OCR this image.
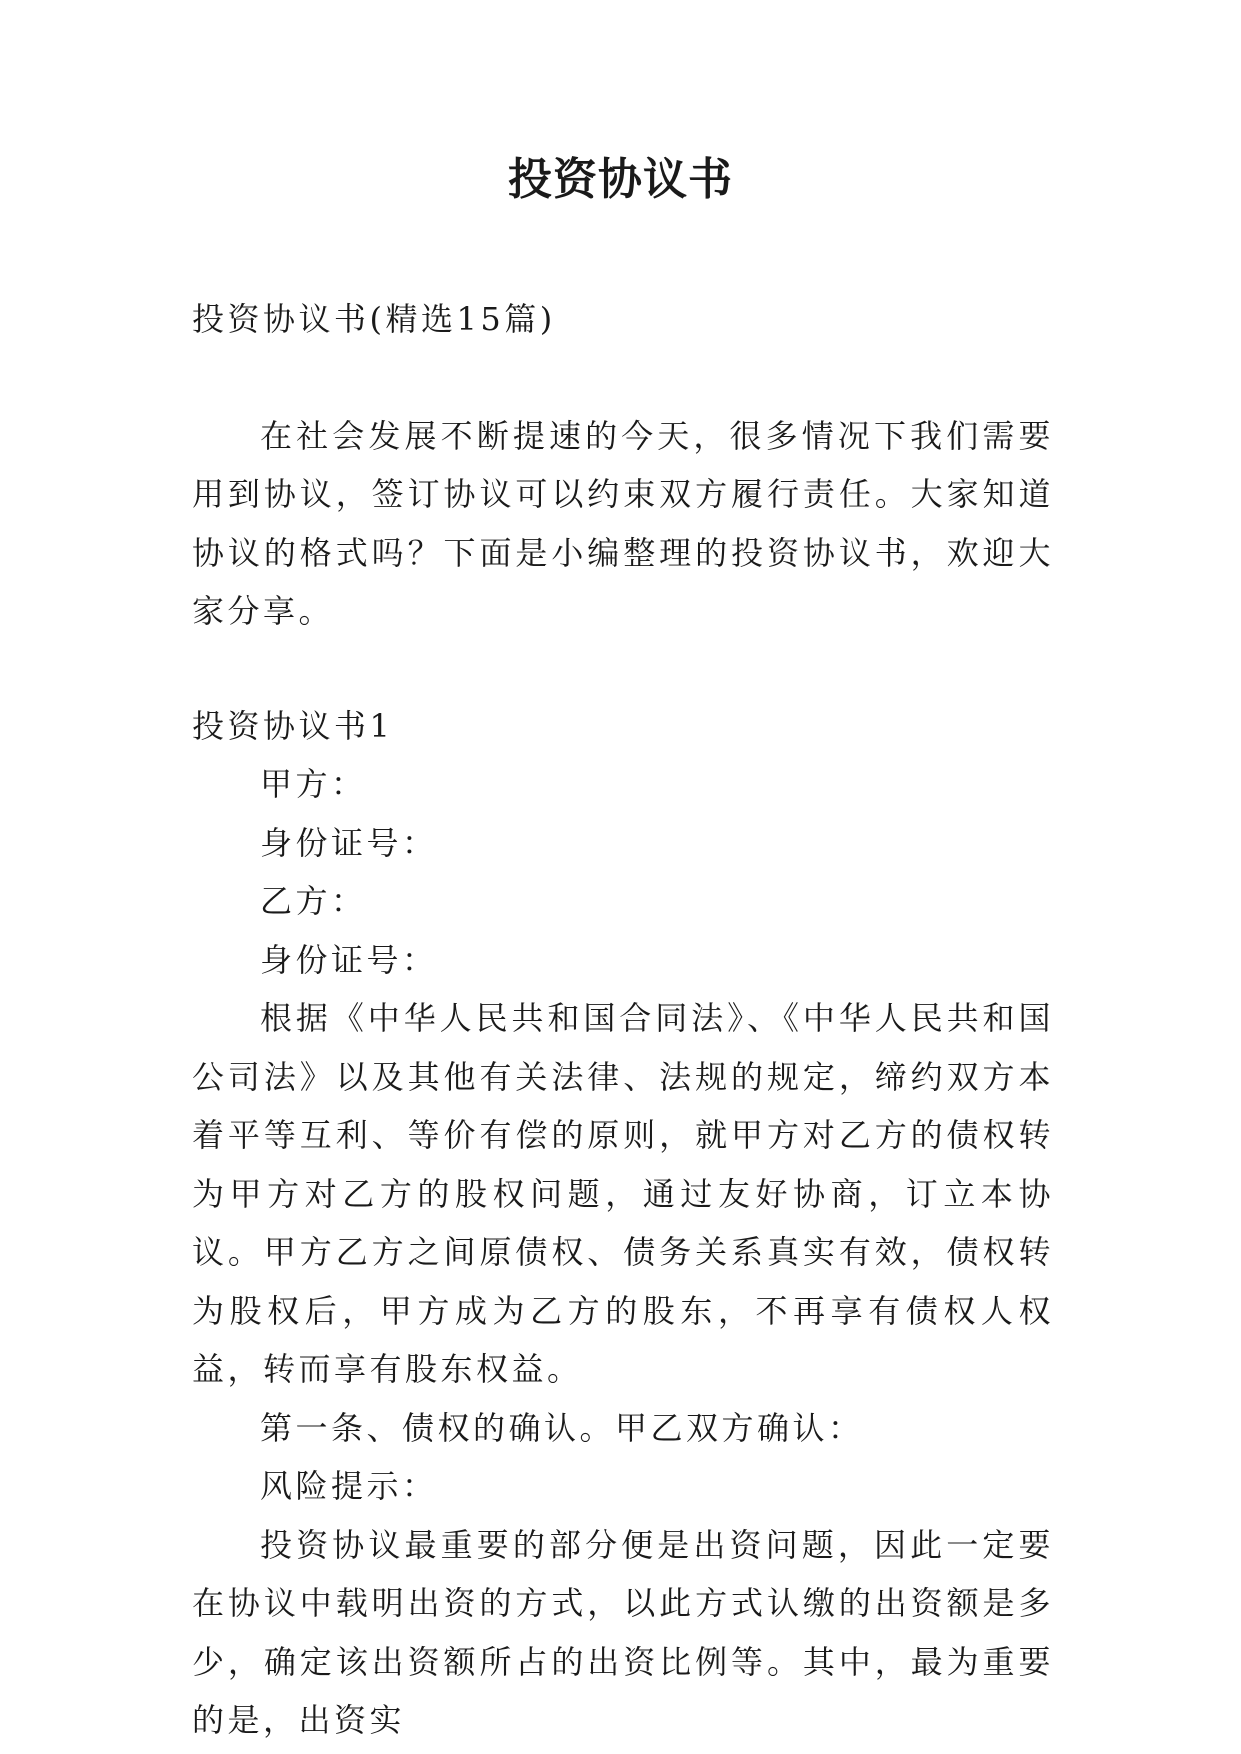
投资协议书

投资协议书(精选15篇)

在社会发展不断提速的今天，很多情况下我们需要用到协议，签订协议可以约束双方履行责任。大家知道协议的格式吗？下面是小编整理的投资协议书，欢迎大家分享。

投资协议书1

甲方：

身份证号：

乙方：

身份证号：

根据《中华人民共和国合同法》、《中华人民共和国公司法》以及其他有关法律、法规的规定，缔约双方本着平等互利、等价有偿的原则，就甲方对乙方的债权转为甲方对乙方的股权问题，通过友好协商，订立本协议。甲方乙方之间原债权、债务关系真实有效，债权转为股权后，甲方成为乙方的股东，不再享有债权人权益，转而享有股东权益。

第一条、债权的确认。甲乙双方确认：

风险提示：

投资协议最重要的部分便是出资问题，因此一定要在协议中载明出资的方式，以此方式认缴的出资额是多少，确定该出资额所占的出资比例等。其中，最为重要的是，出资实
